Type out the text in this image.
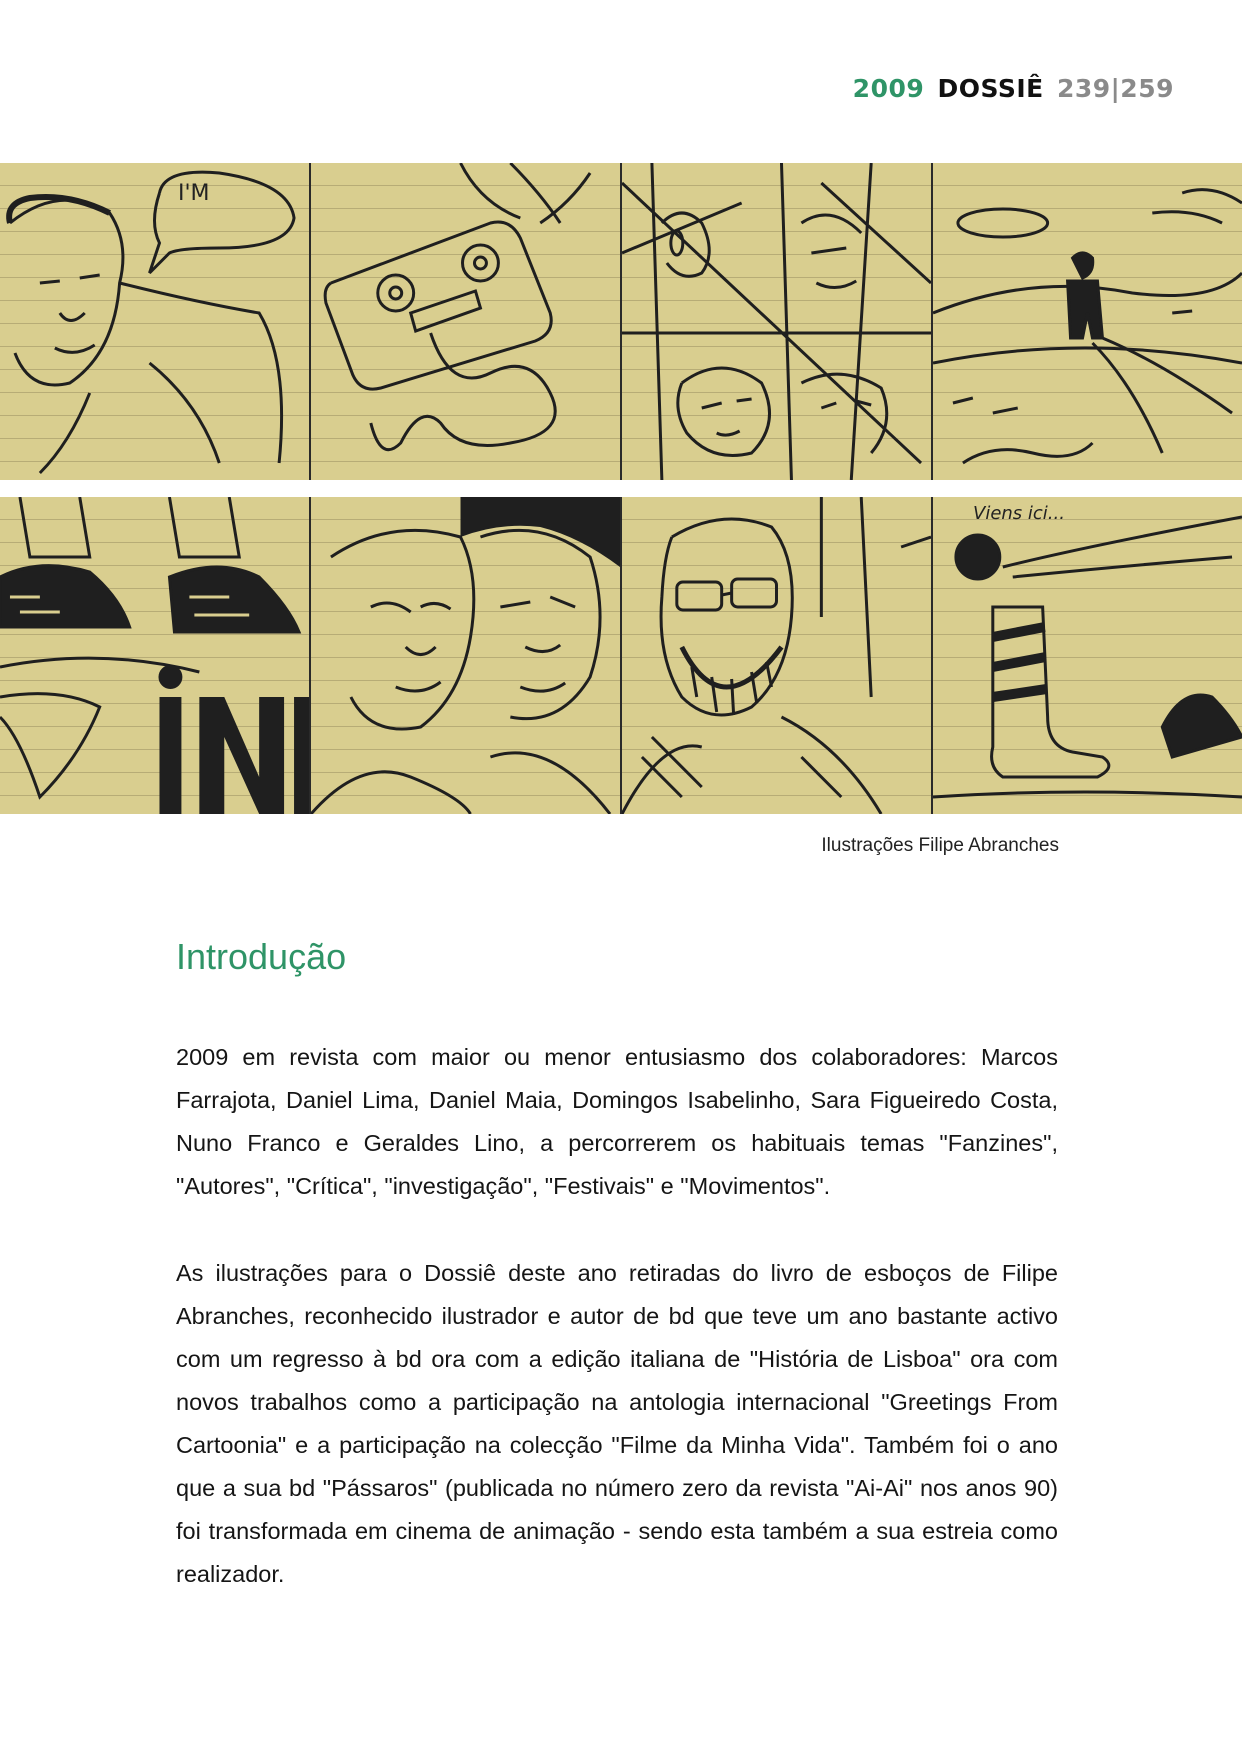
2009 DOSSIÊ 239|259
I'M
Viens ici...
Ilustrações Filipe Abranches
Introdução

2009 em revista com maior ou menor entusiasmo dos colaboradores: Marcos Farrajota, Daniel Lima, Daniel Maia, Domingos Isabelinho, Sara Figueiredo Costa, Nuno Franco e Geraldes Lino, a percorrerem os habituais temas "Fanzines", "Autores", "Crítica", "investigação", "Festivais" e "Movimentos".

As ilustrações para o Dossiê deste ano retiradas do livro de esboços de Filipe Abranches, reconhecido ilustrador e autor de bd que teve um ano bastante activo com um regresso à bd ora com a edição italiana de "História de Lisboa" ora com novos trabalhos como a participação na antologia internacional "Greetings From Cartoonia" e a participação na colecção "Filme da Minha Vida". Também foi o ano que a sua bd "Pássaros" (publicada no número zero da revista "Ai-Ai" nos anos 90) foi transformada em cinema de animação - sendo esta também a sua estreia como realizador.
